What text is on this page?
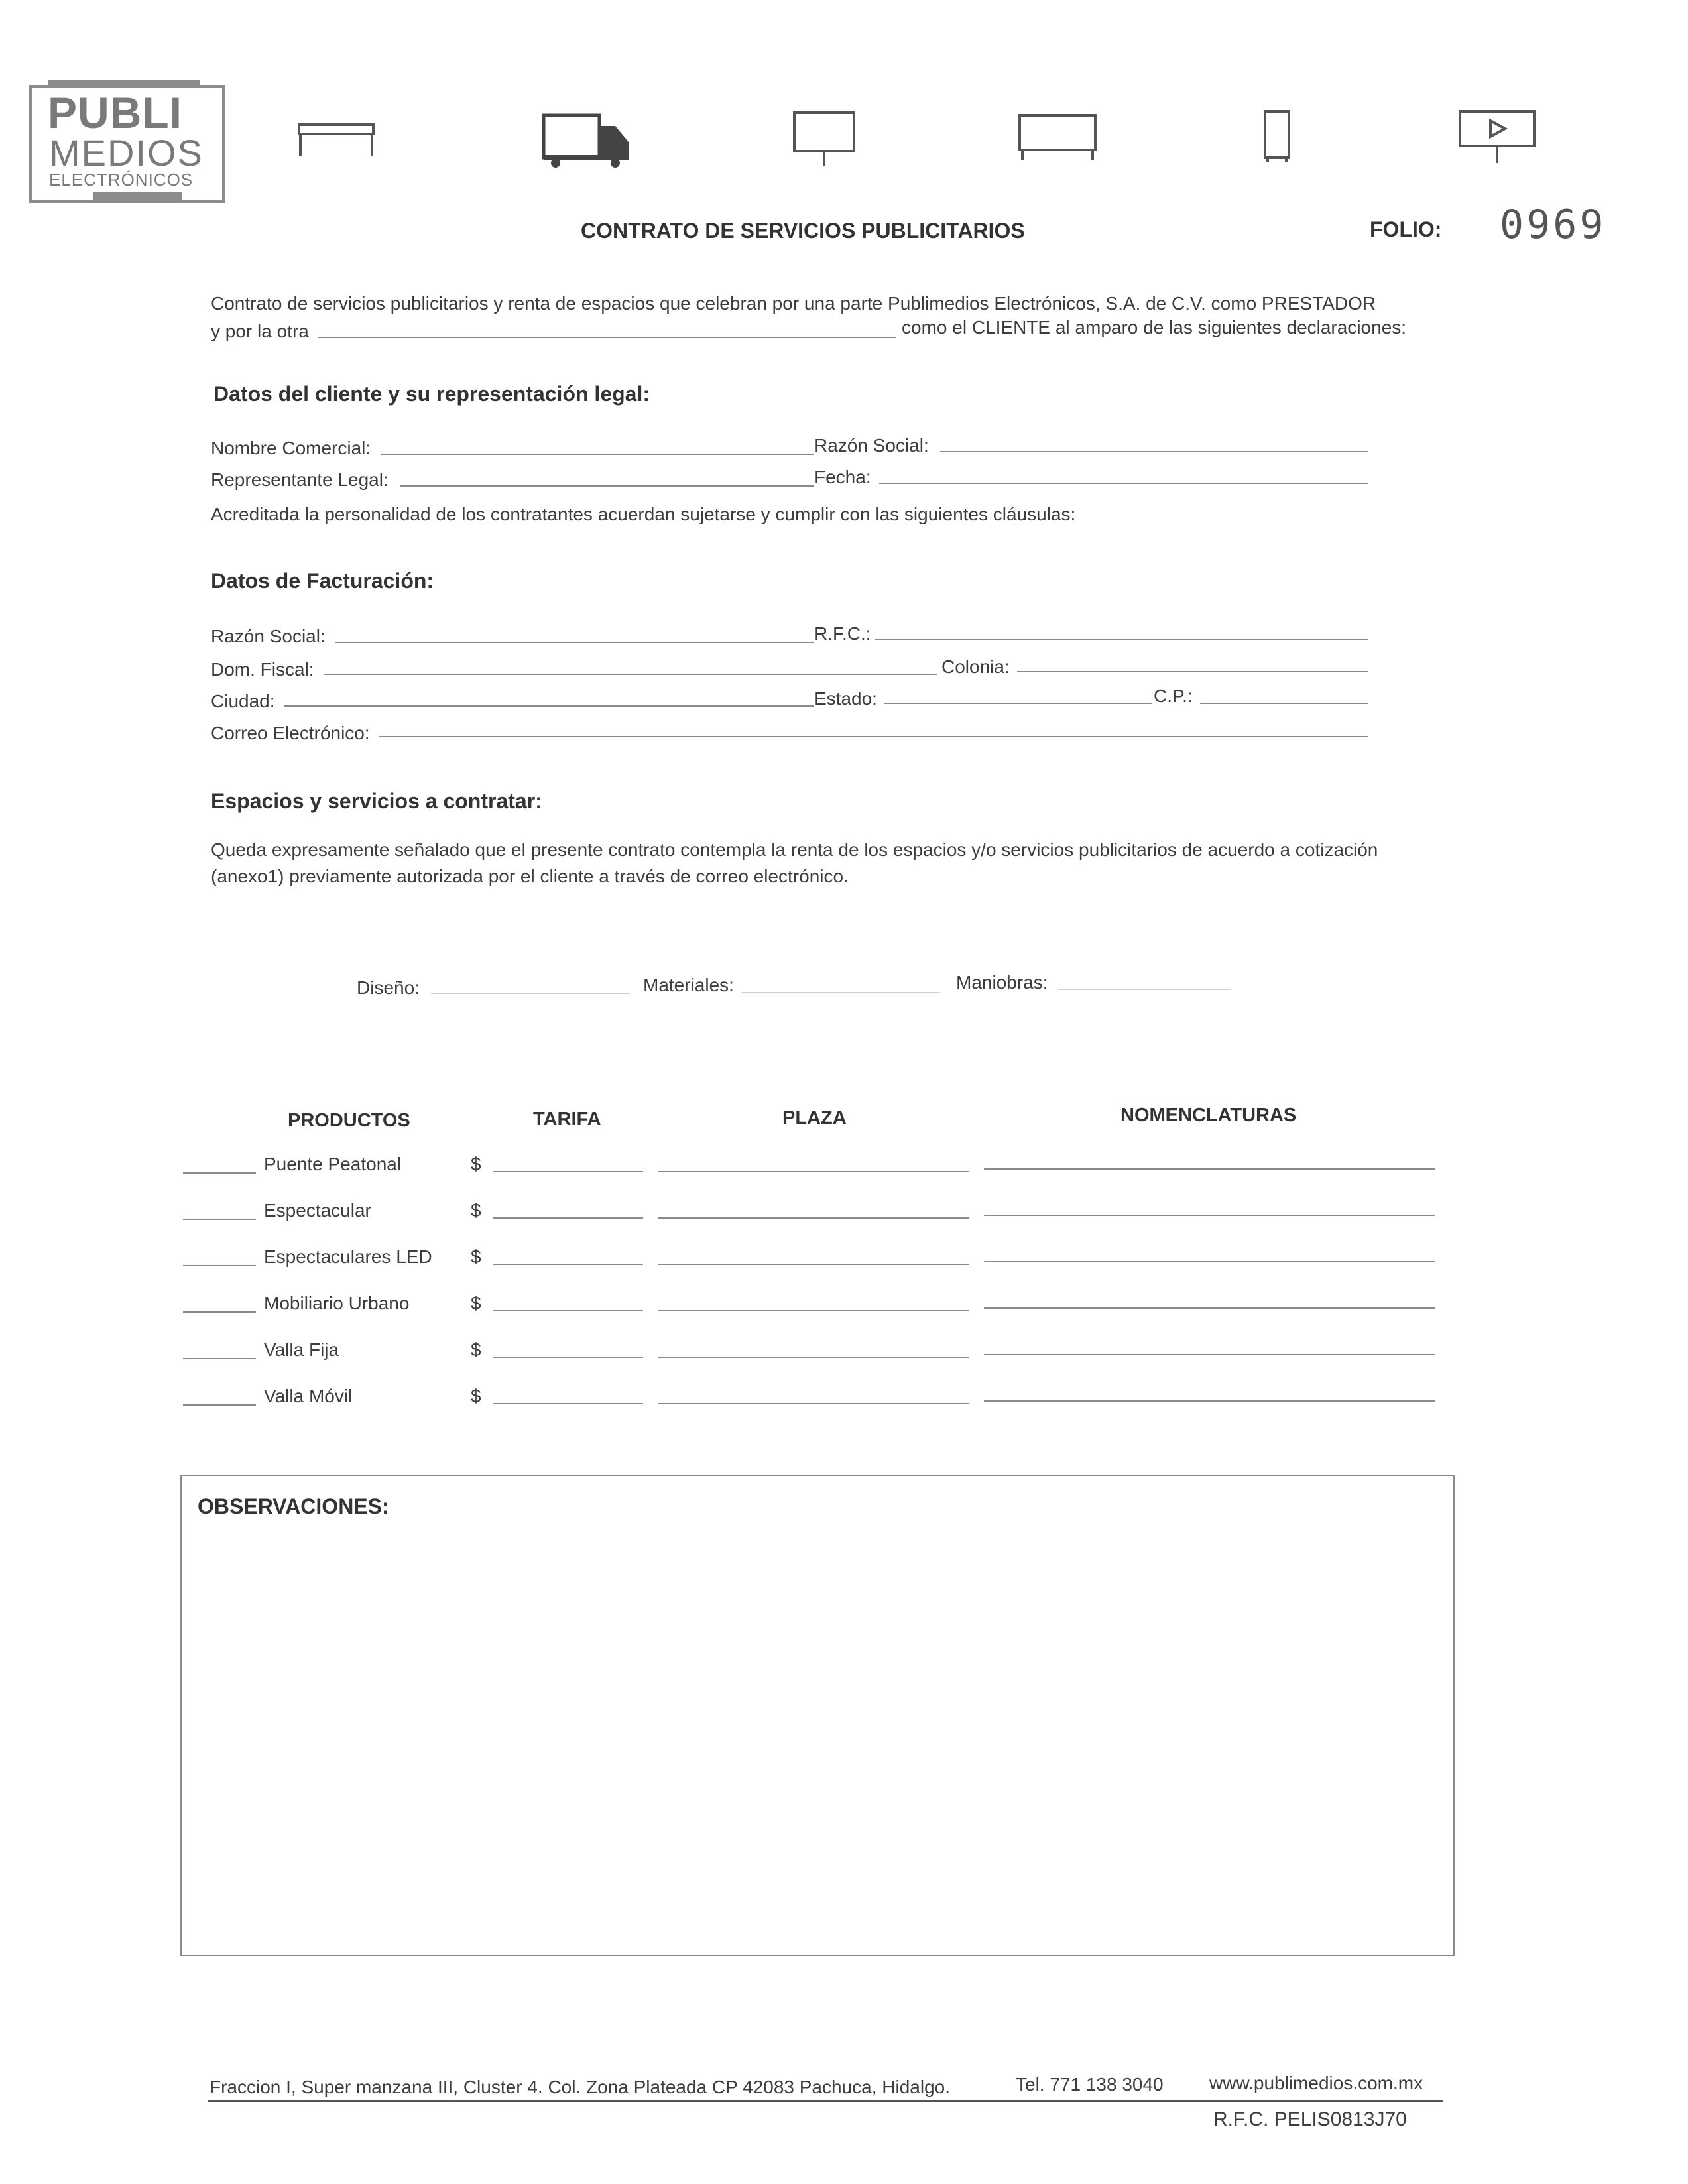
PUBLI
MEDIOS
ELECTRÓNICOS
CONTRATO DE SERVICIOS PUBLICITARIOS	FOLIO: 0969
Contrato de servicios publicitarios y renta de espacios que celebran por una parte Publimedios Electrónicos, S.A. de C.V. como PRESTADOR
y por la otra	como el CLIENTE al amparo de las siguientes declaraciones:
Datos del cliente y su representación legal:
Nombre Comercial:	Razón Social:
Representante Legal:	Fecha:
Acreditada la personalidad de los contratantes acuerdan sujetarse y cumplir con las siguientes cláusulas:
Datos de Facturación:
Razón Social:	R.F.C.:
Dom. Fiscal:	Colonia:
Ciudad:	Estado:	C.P.:
Correo Electrónico:
Espacios y servicios a contratar:
Queda expresamente señalado que el presente contrato contempla la renta de los espacios y/o servicios publicitarios de acuerdo a cotización
(anexo1) previamente autorizada por el cliente a través de correo electrónico.
Diseño:	Materiales:	Maniobras:
PRODUCTOS	TARIFA	PLAZA	NOMENCLATURAS
Puente Peatonal	$
Espectacular	$
Espectaculares LED $
Mobiliario Urbano	$
Valla Fija	$
Valla Móvil	$
OBSERVACIONES:
Fraccion I, Super manzana III, Cluster 4. Col. Zona Plateada CP 42083 Pachuca, Hidalgo.	Tel. 771 138 3040 www.publimedios.com.mx
R.F.C. PELIS0813J70
